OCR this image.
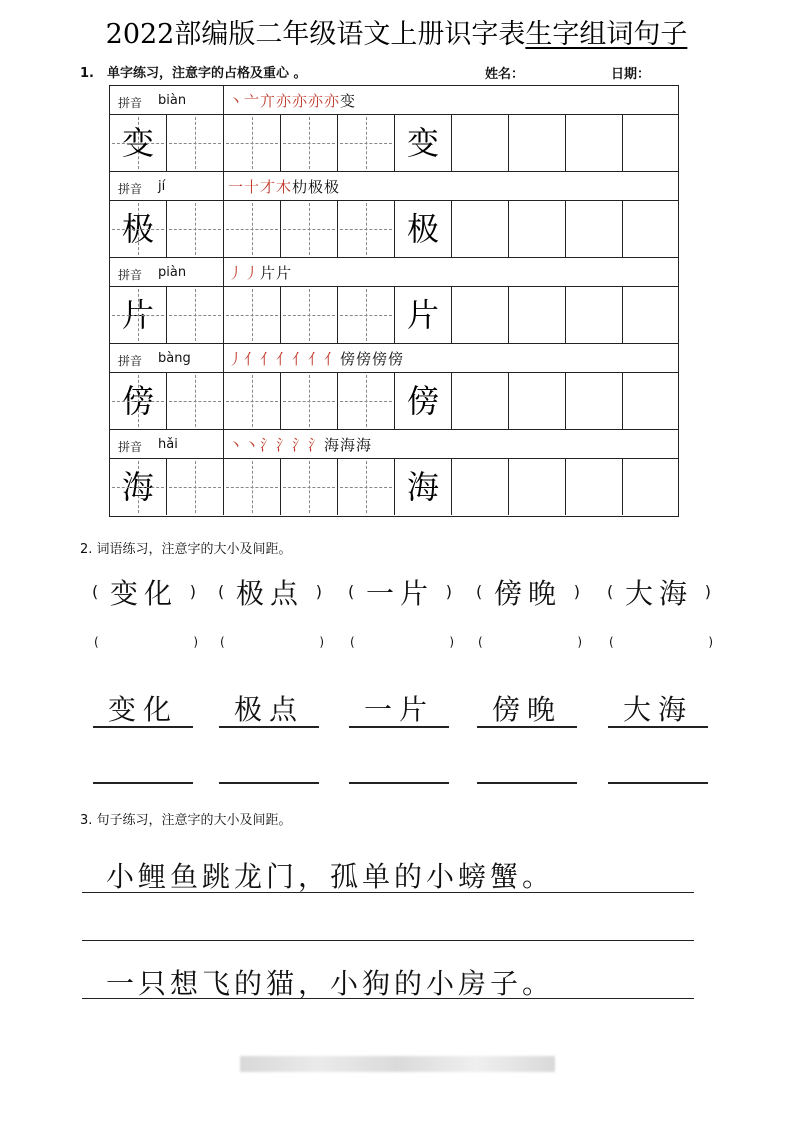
2022部编版二年级语文上册识字表生字组词句子
1.　单字练习，注意字的占格及重心 。	姓名：	日期：
拼音 biàn	丶亠亣亦亦亦亦变
变	变
拼音 jí	一十才木朸极极
极	极
拼音 piàn	丿丿片片
片	片
拼音 bàng 丿亻亻亻亻亻亻傍傍傍傍
傍	傍
拼音 hǎi	丶丶氵氵氵氵海海海
海	海
2. 词语练习，注意字的大小及间距。
( 变化 )
(	)
变化
( 极点 )
(	)
极点
( 一片 )
(	)
一片
( 傍晚 )
(	)
傍晚
( 大海 )
(	)
大海
3. 句子练习，注意字的大小及间距。
小鲤鱼跳龙门，孤单的小螃蟹。
一只想飞的猫，小狗的小房子。
